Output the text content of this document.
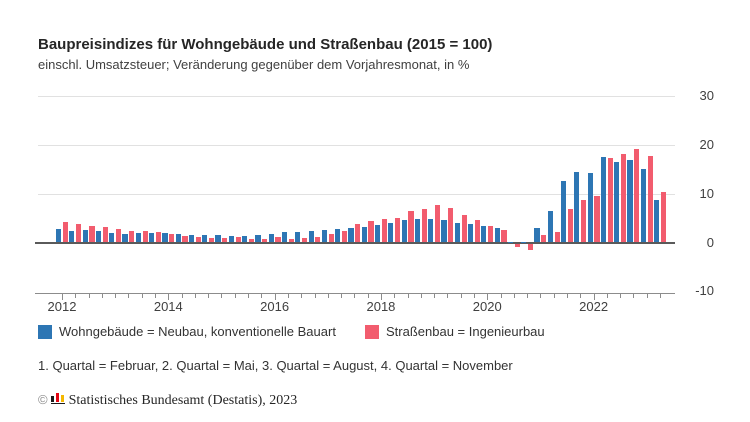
Baupreisindizes für Wohngebäude und Straßenbau (2015 = 100)
einschl. Umsatzsteuer; Veränderung gegenüber dem Vorjahresmonat, in %
2012	2014	2016	2018	2020	2022
30
20
10
0
-10
Wohngebäude = Neubau, konventionelle Bauart	Straßenbau = Ingenieurbau
1. Quartal = Februar, 2. Quartal = Mai, 3. Quartal = August, 4. Quartal = November
© Statistisches Bundesamt (Destatis), 2023
